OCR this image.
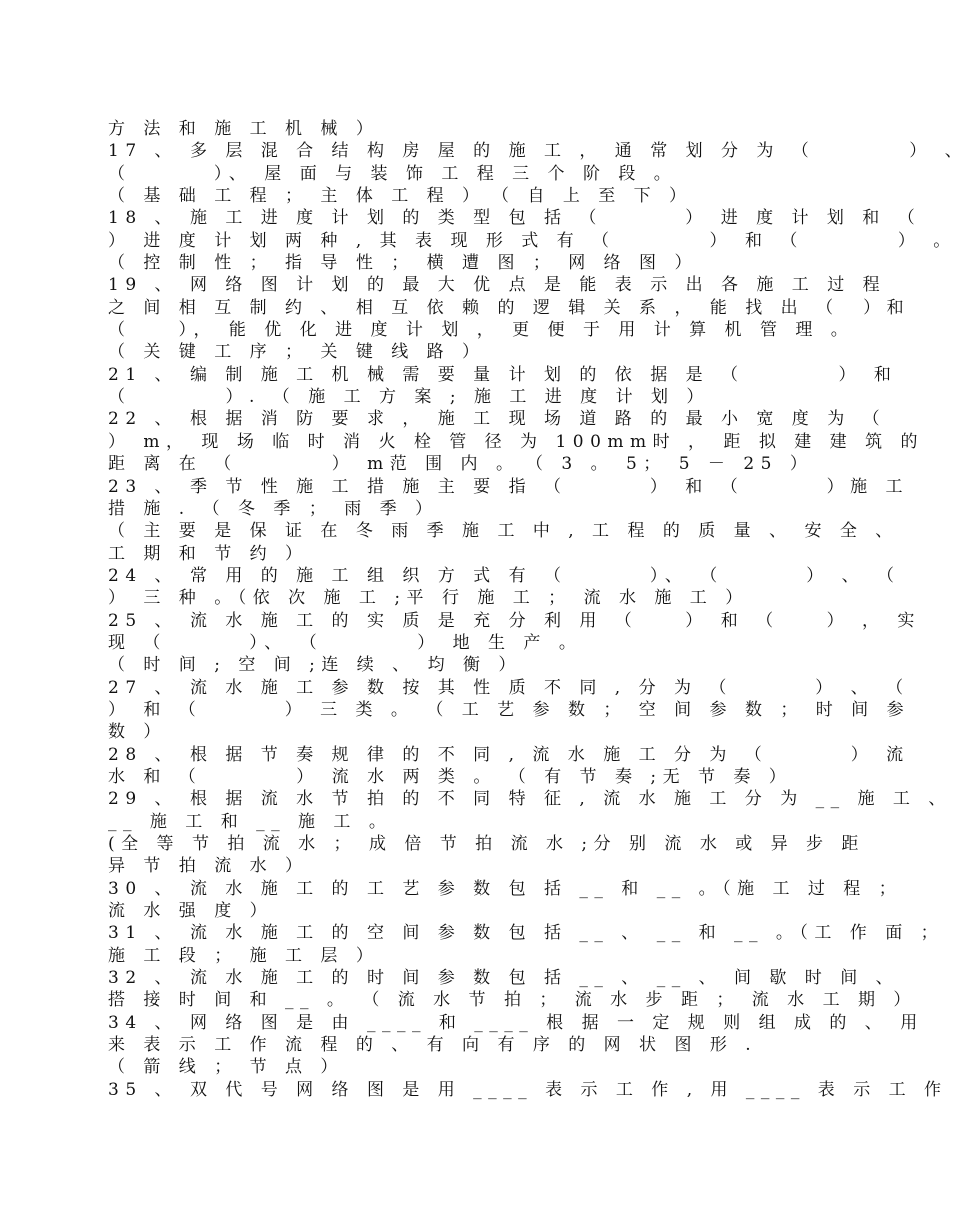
方 法 和 施 工 机 械 ）
17 、 多 层 混 合 结 构 房 屋 的 施 工 ， 通 常 划 分 为 （　　　　） 、
（　　　 ）、 屋 面 与 装 饰 工 程 三 个 阶 段 。
（ 基 础 工 程 ； 主 体 工 程 ）　（ 自 上 至 下 ）
18 、 施 工 进 度 计 划 的 类 型 包 括 （　　　 ） 进 度 计 划 和 （
） 进 度 计 划 两 种 , 其 表 现 形 式 有 （　　　　） 和 （　　　　） 。
（ 控 制 性 ； 指 导 性 ； 横 遭 图 ； 网 络 图 ）
19 、 网 络 图 计 划 的 最 大 优 点 是 能 表 示 出 各 施 工 过 程
之 间 相 互 制 约 、 相 互 依 赖 的 逻 辑 关 系 ， 能 找 出 （　）和
（　　）， 能 优 化 进 度 计 划 ， 更 便 于 用 计 算 机 管 理 。
（ 关 键 工 序 ； 关 键 线 路 ）
21 、 编 制 施 工 机 械 需 要 量 计 划 的 依 据 是 （　　　　） 和
（　　　　）. （ 施 工 方 案 ; 施 工 进 度 计 划 ）
22 、 根 据 消 防 要 求 ， 施 工 现 场 道 路 的 最 小 宽 度 为 （
） m， 现 场 临 时 消 火 栓 管 径 为 100mm时 ， 距 拟 建 建 筑 的
距 离 在 （　　　　） m范 围 内 。　（ 3 。 5； 5 － 25 ）
23 、 季 节 性 施 工 措 施 主 要 指 （　　　 ） 和 （　　　 ）施 工
措 施 . （ 冬 季 ； 雨 季 ）
（ 主 要 是 保 证 在 冬 雨 季 施 工 中 , 工 程 的 质 量 、 安 全 、
工 期 和 节 约 ）
24 、 常 用 的 施 工 组 织 方 式 有 （　　　 ）、 （　　　 ） 、 （
） 三 种 。（依 次 施 工 ;平 行 施 工 ； 流 水 施 工 ）
25 、 流 水 施 工 的 实 质 是 充 分 利 用 （　　） 和 （　　） ， 实
现 （　　　 ）、 （　　　　） 地 生 产 。
（ 时 间 ; 空 间 ;连 续 、 均 衡 ）
27 、 流 水 施 工 参 数 按 其 性 质 不 同 , 分 为 （　　　 ） 、 （
） 和 （　　　 ） 三 类 。 （ 工 艺 参 数 ； 空 间 参 数 ； 时 间 参
数 ）
28 、 根 据 节 奏 规 律 的 不 同 , 流 水 施 工 分 为 （　　　 ） 流
水 和 （　　　　） 流 水 两 类 。 （ 有 节 奏 ;无 节 奏 ）
29 、 根 据 流 水 节 拍 的 不 同 特 征 , 流 水 施 工 分 为 __ 施 工 、
__ 施 工 和 __ 施 工 。
(全 等 节 拍 流 水 ； 成 倍 节 拍 流 水 ;分 别 流 水 或 异 步 距
异 节 拍 流 水 ）
30 、 流 水 施 工 的 工 艺 参 数 包 括 __ 和 __ 。（施 工 过 程 ；
流 水 强 度 ）
31 、 流 水 施 工 的 空 间 参 数 包 括 __ 、 __ 和 __ 。（工 作 面 ；
施 工 段 ； 施 工 层 ）
32 、 流 水 施 工 的 时 间 参 数 包 括 __ 、 __ 、 间 歇 时 间 、
搭 接 时 间 和 __ 。 （ 流 水 节 拍 ； 流 水 步 距 ； 流 水 工 期 ）
34 、 网 络 图 是 由 ____ 和 ____ 根 据 一 定 规 则 组 成 的 、 用
来 表 示 工 作 流 程 的 、 有 向 有 序 的 网 状 图 形 .
（ 箭 线 ； 节 点 ）
35 、 双 代 号 网 络 图 是 用 ____ 表 示 工 作 , 用 ____ 表 示 工 作
